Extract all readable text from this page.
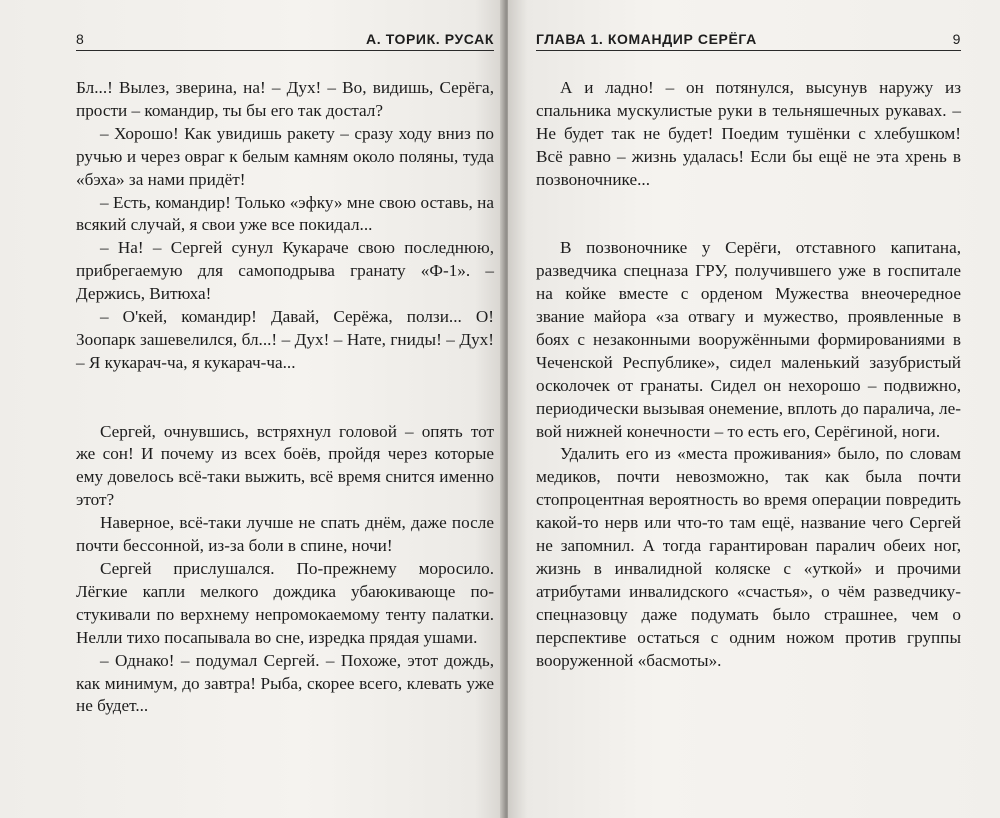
8	А. ТОРИК. РУСАК

Бл...! Вылез, зверина, на! – Дух! – Во, видишь, Серёга, прости – командир, ты бы его так достал?

– Хорошо! Как увидишь ракету – сразу ходу вниз по ручью и через овраг к белым камням около поляны, туда «бэха» за нами придёт!

– Есть, командир! Только «эфку» мне свою оставь, на всякий случай, я свои уже все покидал...

– На! – Сергей сунул Кукараче свою последнюю, прибрегаемую для самоподрыва гранату «Ф-1». – Держись, Витюха!

– О'кей, командир! Давай, Серёжа, ползи... О! Зоопарк зашевелился, бл...! – Дух! – Нате, гниды! – Дух! – Я кукарач-ча, я кукарач-ча...

Сергей, очнувшись, встряхнул головой – опять тот же сон! И почему из всех боёв, пройдя через которые ему довелось всё-таки выжить, всё время снится именно этот?

Наверное, всё-таки лучше не спать днём, даже после почти бессонной, из-за боли в спине, ночи!

Сергей прислушался. По-прежнему моросило. Лёгкие капли мелкого дождика убаюкивающе постукивали по верхнему непромокаемому тенту палатки. Нелли тихо посапывала во сне, изредка прядая ушами.

– Однако! – подумал Сергей. – Похоже, этот дождь, как минимум, до завтра! Рыба, скорее всего, клевать уже не будет...

ГЛАВА 1. КОМАНДИР СЕРЁГА	9

А и ладно! – он потянулся, высунув наружу из спальника мускулистые руки в тельняшечных рукавах. – Не будет так не будет! Поедим тушёнки с хлебушком! Всё равно – жизнь удалась! Если бы ещё не эта хрень в позвоночнике...

В позвоночнике у Серёги, отставного капитана, разведчика спецназа ГРУ, получившего уже в госпитале на койке вместе с орденом Мужества внеочередное звание майора «за отвагу и мужество, проявленные в боях с незаконными вооружёнными формированиями в Чеченской Республике», сидел маленький зазубристый осколочек от гранаты. Сидел он нехорошо – подвижно, периодически вызывая онемение, вплоть до паралича, левой нижней конечности – то есть его, Серёгиной, ноги.

Удалить его из «места проживания» было, по словам медиков, почти невозможно, так как была почти стопроцентная вероятность во время операции повредить какой-то нерв или что-то там ещё, название чего Сергей не запомнил. А тогда гарантирован паралич обеих ног, жизнь в инвалидной коляске с «уткой» и прочими атрибутами инвалидского «счастья», о чём разведчику-спецназовцу даже подумать было страшнее, чем о перспективе остаться с одним ножом против группы вооруженной «басмоты».
